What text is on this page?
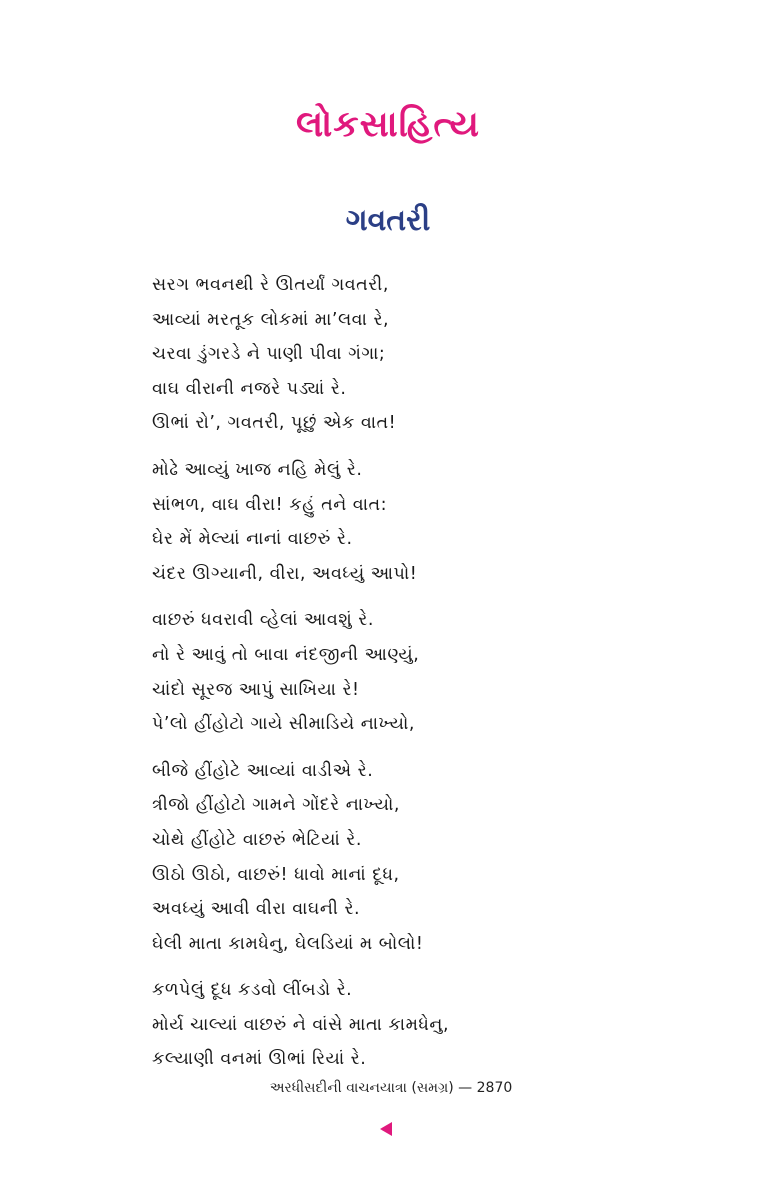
લોકસાહિત્ય
ગવતરી
સરગ ભવનથી રે ઊતર્યાં ગવતરી,
આવ્યાં મરતૂક લોકમાં મા’લવા રે,
ચરવા ડુંગરડે ને પાણી પીવા ગંગા;
વાઘ વીરાની નજરે પડ્યાં રે.
ઊભાં રો’, ગવતરી, પૂછું એક વાત!
મોઢે આવ્યું ખાજ નહિ મેલું રે.
સાંભળ, વાઘ વીરા! કહું તને વાત:
ઘેર મેં મેલ્યાં નાનાં વાછરું રે.
ચંદર ઊગ્યાની, વીરા, અવધ્યું આપો!
વાછરું ધવરાવી વ્હેલાં આવશું રે.
નો રે આવું તો બાવા નંદજીની આણ્યું,
ચાંદો સૂરજ આપું સાખિયા રે!
પે’લો હીંહોટો ગાયે સીમાડિયે નાખ્યો,
બીજે હીંહોટે આવ્યાં વાડીએ રે.
ત્રીજો હીંહોટો ગામને ગોંદરે નાખ્યો,
ચોથે હીંહોટે વાછરું ભેટિયાં રે.
ઊઠો ઊઠો, વાછરું! ધાવો માનાં દૂધ,
અવધ્યું આવી વીરા વાઘની રે.
ઘેલી માતા કામધેનુ, ઘેલડિયાં મ બોલો!
કળપેલું દૂધ કડવો લીંબડો રે.
મોર્ય ચાલ્યાં વાછરું ને વાંસે માતા કામધેનુ,
કલ્યાણી વનમાં ઊભાં રિયાં રે.
અરધીસદીની વાચનયાત્રા (સમગ્ર) — 2870
